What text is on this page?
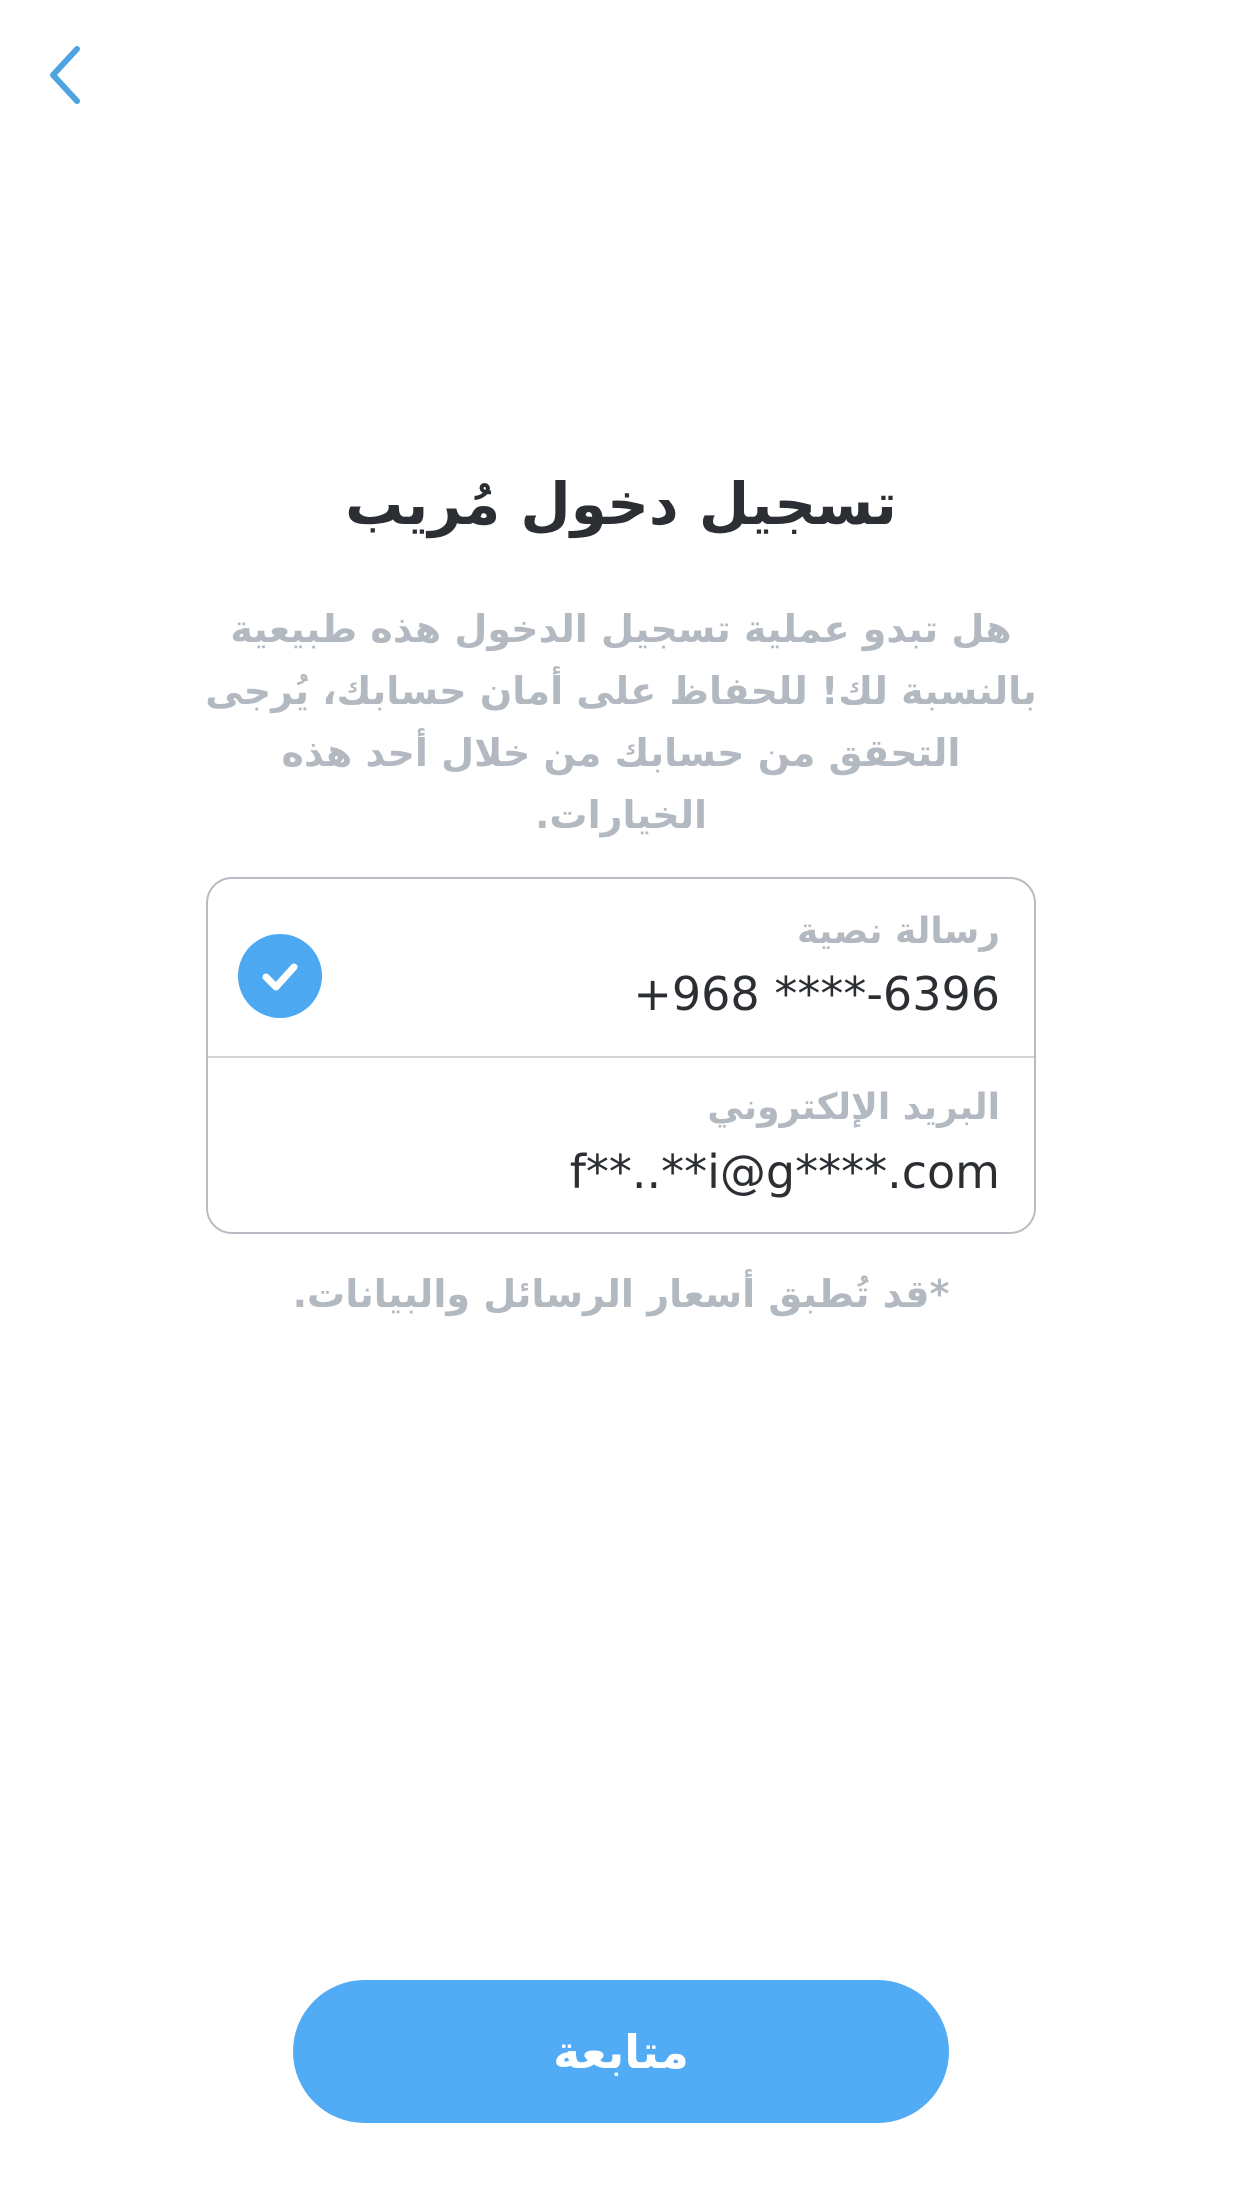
تسجيل دخول مُريب

هل تبدو عملية تسجيل الدخول هذه طبيعية بالنسبة لك! للحفاظ على أمان حسابك، يُرجى التحقق من حسابك من خلال أحد هذه الخيارات.

رسالة نصية
+968 ****-6396
البريد الإلكتروني
f**..**i@g****.com

*قد تُطبق أسعار الرسائل والبيانات.

متابعة
